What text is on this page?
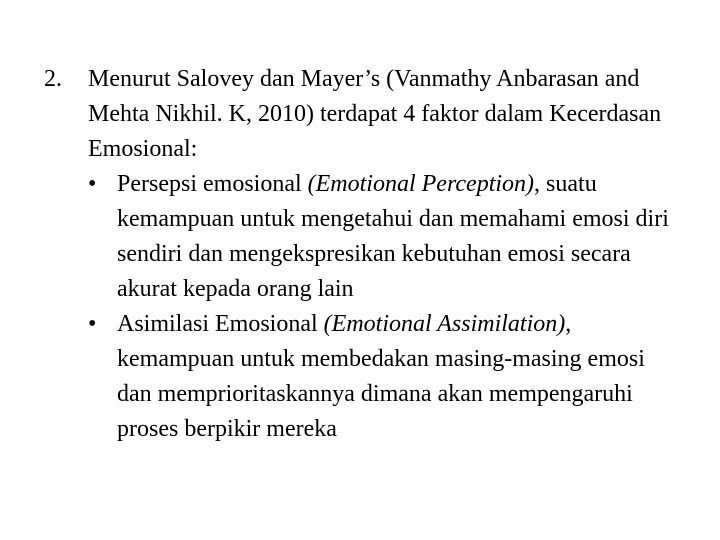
2.	Menurut Salovey dan Mayer’s (Vanmathy Anbarasan and Mehta Nikhil. K, 2010) terdapat 4 faktor dalam Kecerdasan Emosional:

• Persepsi emosional (Emotional Perception), suatu kemampuan untuk mengetahui dan memahami emosi diri sendiri dan mengekspresikan kebutuhan emosi secara akurat kepada orang lain
• Asimilasi Emosional (Emotional Assimilation), kemampuan untuk membedakan masing-masing emosi dan memprioritaskannya dimana akan mempengaruhi proses berpikir mereka
